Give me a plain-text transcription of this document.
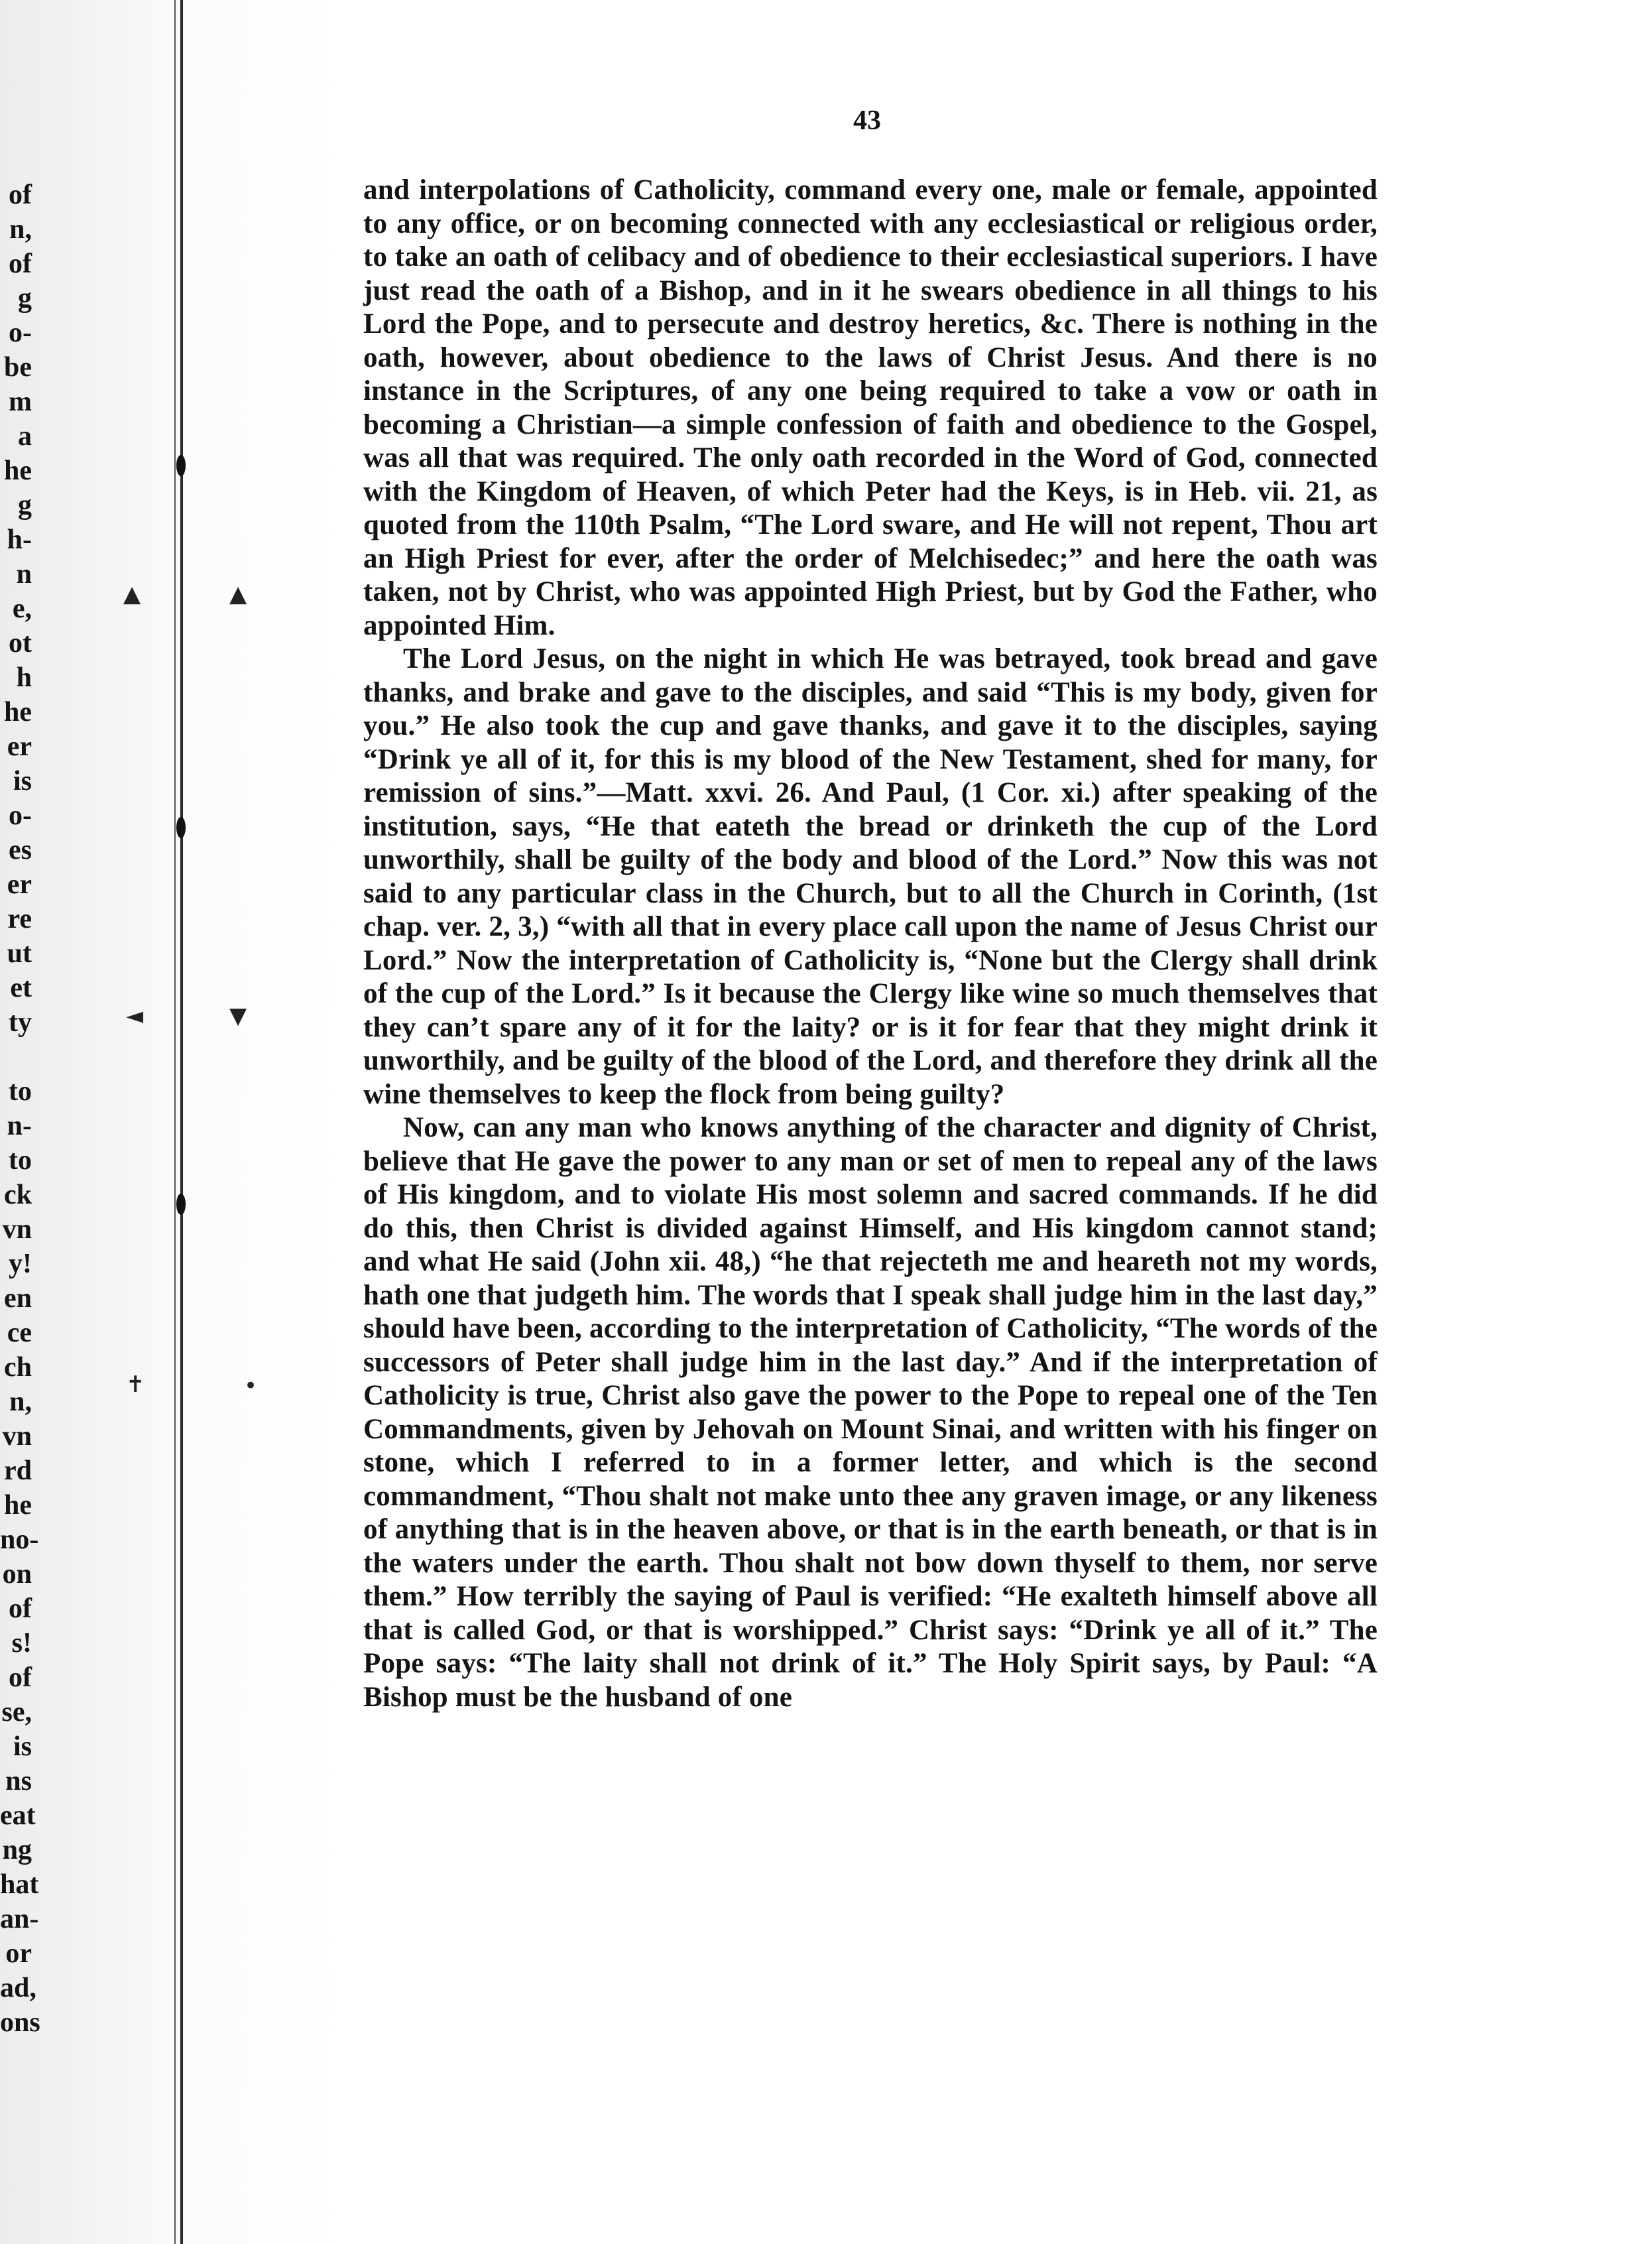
▲	▲
◄	▼
✝	•
of
n,
of
g
o-
be
m
a
he
g
h-
n
e,
ot
h
he
er
is
o-
es
er
re
ut
et
ty
to
n-
to
ck
vn
y!
en
ce
ch
n,
vn
rd
he
no-
on
of
s!
of
se,
is
ns
eat
ng
hat
an-
or
ad,
ons
43

and interpolations of Catholicity, command every one, male or female, appointed to any office, or on becoming connected with any ecclesiastical or religious order, to take an oath of celibacy and of obedience to their ecclesiastical superiors. I have just read the oath of a Bishop, and in it he swears obedience in all things to his Lord the Pope, and to persecute and destroy heretics, &c. There is nothing in the oath, however, about obedience to the laws of Christ Jesus. And there is no instance in the Scriptures, of any one being required to take a vow or oath in becoming a Christian—a simple confession of faith and obedience to the Gospel, was all that was required. The only oath recorded in the Word of God, connected with the Kingdom of Heaven, of which Peter had the Keys, is in Heb. vii. 21, as quoted from the 110th Psalm, “The Lord sware, and He will not repent, Thou art an High Priest for ever, after the order of Melchisedec;” and here the oath was taken, not by Christ, who was appointed High Priest, but by God the Father, who appointed Him.

The Lord Jesus, on the night in which He was betrayed, took bread and gave thanks, and brake and gave to the disciples, and said “This is my body, given for you.” He also took the cup and gave thanks, and gave it to the disciples, saying “Drink ye all of it, for this is my blood of the New Testament, shed for many, for remission of sins.”—Matt. xxvi. 26. And Paul, (1 Cor. xi.) after speaking of the institution, says, “He that eateth the bread or drinketh the cup of the Lord unworthily, shall be guilty of the body and blood of the Lord.” Now this was not said to any particular class in the Church, but to all the Church in Corinth, (1st chap. ver. 2, 3,) “with all that in every place call upon the name of Jesus Christ our Lord.” Now the interpretation of Catholicity is, “None but the Clergy shall drink of the cup of the Lord.” Is it because the Clergy like wine so much themselves that they can’t spare any of it for the laity? or is it for fear that they might drink it unworthily, and be guilty of the blood of the Lord, and therefore they drink all the wine themselves to keep the flock from being guilty?

Now, can any man who knows anything of the character and dignity of Christ, believe that He gave the power to any man or set of men to repeal any of the laws of His kingdom, and to violate His most solemn and sacred commands. If he did do this, then Christ is divided against Himself, and His kingdom cannot stand; and what He said (John xii. 48,) “he that rejecteth me and heareth not my words, hath one that judgeth him. The words that I speak shall judge him in the last day,” should have been, according to the interpretation of Catholicity, “The words of the successors of Peter shall judge him in the last day.” And if the interpretation of Catholicity is true, Christ also gave the power to the Pope to repeal one of the Ten Commandments, given by Jehovah on Mount Sinai, and written with his finger on stone, which I referred to in a former letter, and which is the second commandment, “Thou shalt not make unto thee any graven image, or any likeness of anything that is in the heaven above, or that is in the earth beneath, or that is in the waters under the earth. Thou shalt not bow down thyself to them, nor serve them.” How terribly the saying of Paul is verified: “He exalteth himself above all that is called God, or that is worshipped.” Christ says: “Drink ye all of it.” The Pope says: “The laity shall not drink of it.” The Holy Spirit says, by Paul: “A Bishop must be the husband of one
